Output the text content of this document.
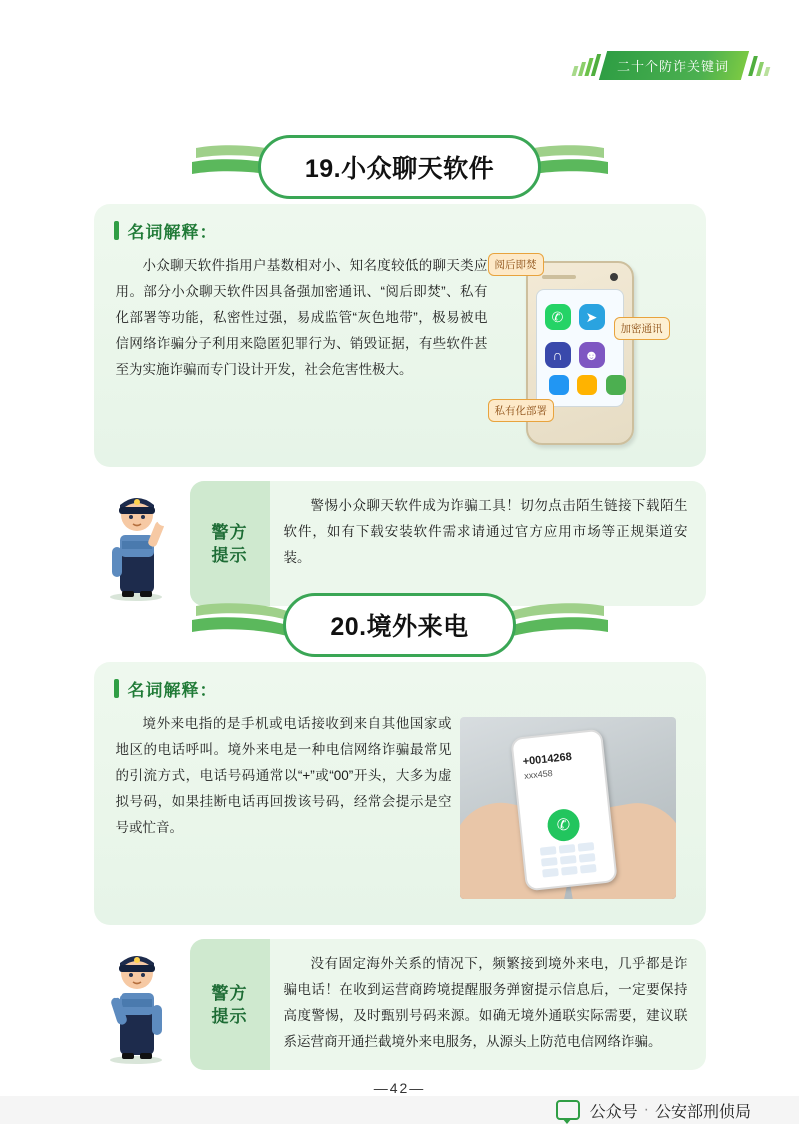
二十个防诈关键词
19.小众聊天软件
名词解释：
小众聊天软件指用户基数相对小、知名度较低的聊天类应用。部分小众聊天软件因具备强加密通讯、“阅后即焚”、私有化部署等功能，私密性过强，易成监管“灰色地带”，极易被电信网络诈骗分子利用来隐匿犯罪行为、销毁证据，有些软件甚至为实施诈骗而专门设计开发，社会危害性极大。
✆	➤
∩	☻
阅后即焚
加密通讯
私有化部署
警方
提示
警惕小众聊天软件成为诈骗工具！切勿点击陌生链接下载陌生软件，如有下载安装软件需求请通过官方应用市场等正规渠道安装。
20.境外来电
名词解释：
境外来电指的是手机或电话接收到来自其他国家或地区的电话呼叫。境外来电是一种电信网络诈骗最常见的引流方式，电话号码通常以“+”或“00”开头，大多为虚拟号码，如果挂断电话再回拨该号码，经常会提示是空号或忙音。
+0014268
xxx458
✆
警方
提示
没有固定海外关系的情况下，频繁接到境外来电，几乎都是诈骗电话！在收到运营商跨境提醒服务弹窗提示信息后，一定要保持高度警惕，及时甄别号码来源。如确无境外通联实际需要，建议联系运营商开通拦截境外来电服务，从源头上防范电信网络诈骗。
—42—
公众号 · 公安部刑侦局
